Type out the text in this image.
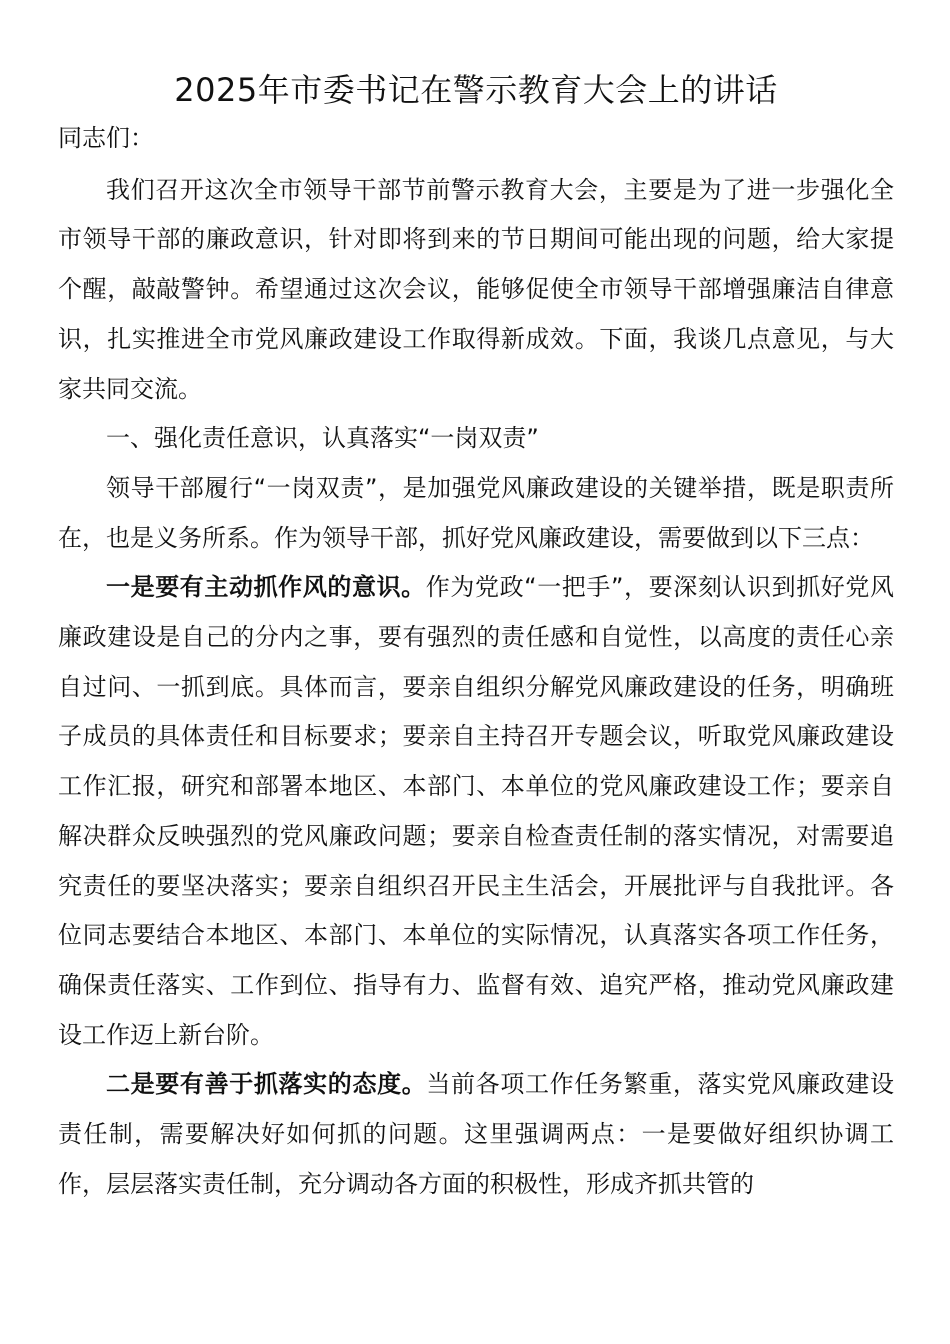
2025年市委书记在警示教育大会上的讲话

同志们：

我们召开这次全市领导干部节前警示教育大会，主要是为了进一步强化全市领导干部的廉政意识，针对即将到来的节日期间可能出现的问题，给大家提个醒，敲敲警钟。希望通过这次会议，能够促使全市领导干部增强廉洁自律意识，扎实推进全市党风廉政建设工作取得新成效。下面，我谈几点意见，与大家共同交流。

一、强化责任意识，认真落实“一岗双责”

领导干部履行“一岗双责”，是加强党风廉政建设的关键举措，既是职责所在，也是义务所系。作为领导干部，抓好党风廉政建设，需要做到以下三点：

一是要有主动抓作风的意识。作为党政“一把手”，要深刻认识到抓好党风廉政建设是自己的分内之事，要有强烈的责任感和自觉性，以高度的责任心亲自过问、一抓到底。具体而言，要亲自组织分解党风廉政建设的任务，明确班子成员的具体责任和目标要求；要亲自主持召开专题会议，听取党风廉政建设工作汇报，研究和部署本地区、本部门、本单位的党风廉政建设工作；要亲自解决群众反映强烈的党风廉政问题；要亲自检查责任制的落实情况，对需要追究责任的要坚决落实；要亲自组织召开民主生活会，开展批评与自我批评。各位同志要结合本地区、本部门、本单位的实际情况，认真落实各项工作任务，确保责任落实、工作到位、指导有力、监督有效、追究严格，推动党风廉政建设工作迈上新台阶。

二是要有善于抓落实的态度。当前各项工作任务繁重，落实党风廉政建设责任制，需要解决好如何抓的问题。这里强调两点：一是要做好组织协调工作，层层落实责任制，充分调动各方面的积极性，形成齐抓共管的
